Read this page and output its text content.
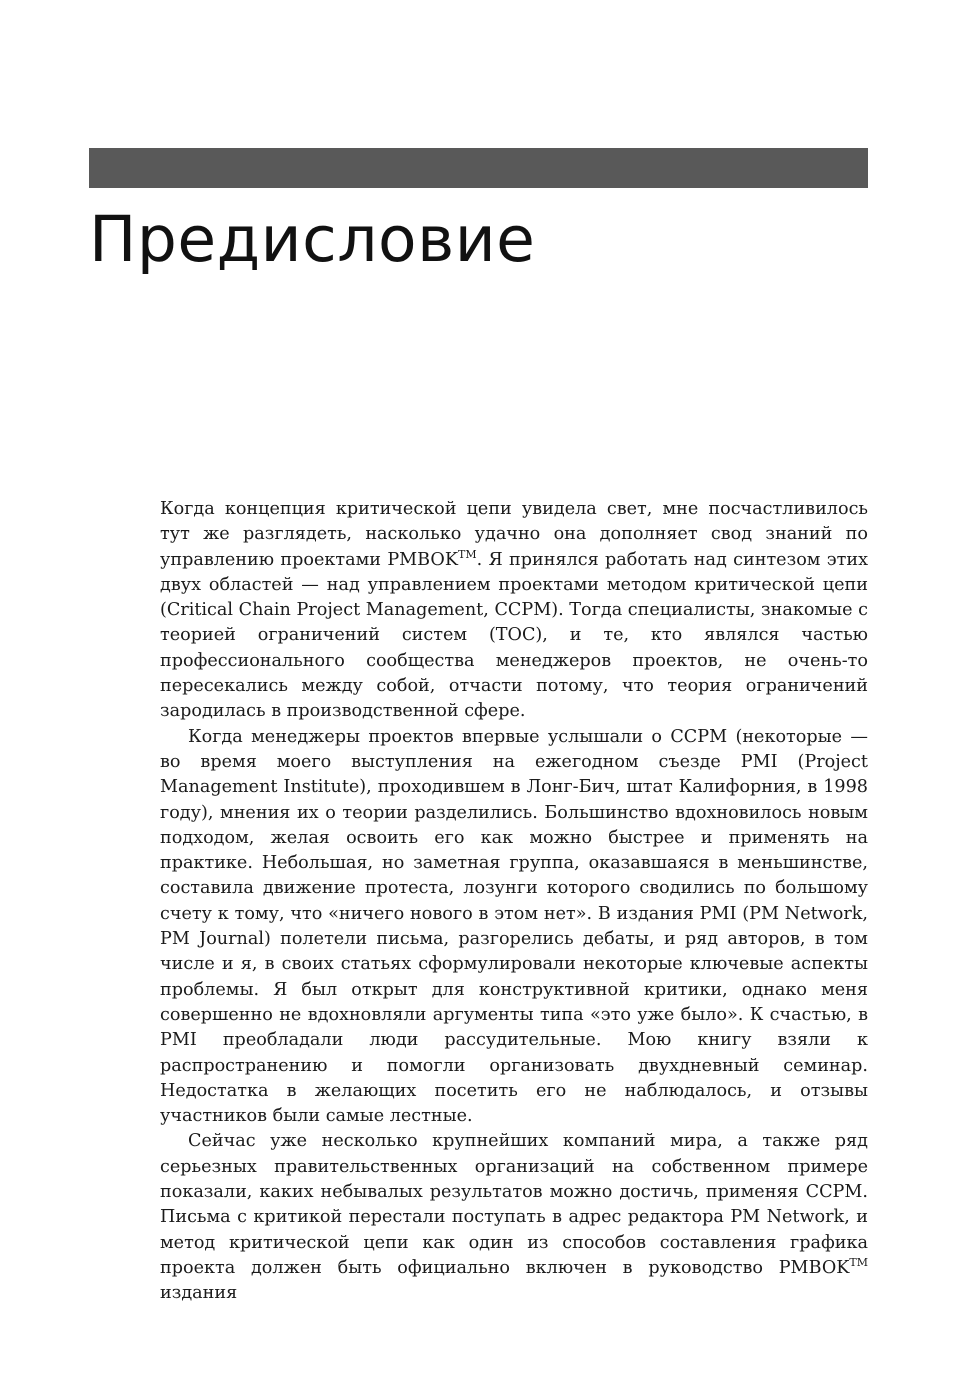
Предисловие

Когда концепция критической цепи увидела свет, мне посчастливилось тут же разглядеть, насколько удачно она дополняет свод знаний по управлению проектами PMBOK™. Я принялся работать над синтезом этих двух областей — над управлением проектами методом критической цепи (Critical Chain Project Management, CCPM). Тогда специалисты, знакомые с теорией ограничений систем (TOC), и те, кто являлся частью профессионального сообщества менеджеров проектов, не очень-то пересекались между собой, отчасти потому, что теория ограничений зародилась в производственной сфере.

Когда менеджеры проектов впервые услышали о CCPM (некоторые — во время моего выступления на ежегодном съезде PMI (Project Management Institute), проходившем в Лонг-Бич, штат Калифорния, в 1998 году), мнения их о теории разделились. Большинство вдохновилось новым подходом, желая освоить его как можно быстрее и применять на практике. Небольшая, но заметная группа, оказавшаяся в меньшинстве, составила движение протеста, лозунги которого сводились по большому счету к тому, что «ничего нового в этом нет». В издания PMI (PM Network, PM Journal) полетели письма, разгорелись дебаты, и ряд авторов, в том числе и я, в своих статьях сформулировали некоторые ключевые аспекты проблемы. Я был открыт для конструктивной критики, однако меня совершенно не вдохновляли аргументы типа «это уже было». К счастью, в PMI преобладали люди рассудительные. Мою книгу взяли к распространению и помогли организовать двухдневный семинар. Недостатка в желающих посетить его не наблюдалось, и отзывы участников были самые лестные.

Сейчас уже несколько крупнейших компаний мира, а также ряд серьезных правительственных организаций на собственном примере показали, каких небывалых результатов можно достичь, применяя CCPM. Письма с критикой перестали поступать в адрес редактора PM Network, и метод критической цепи как один из способов составления графика проекта должен быть официально включен в руководство PMBOK™ издания
